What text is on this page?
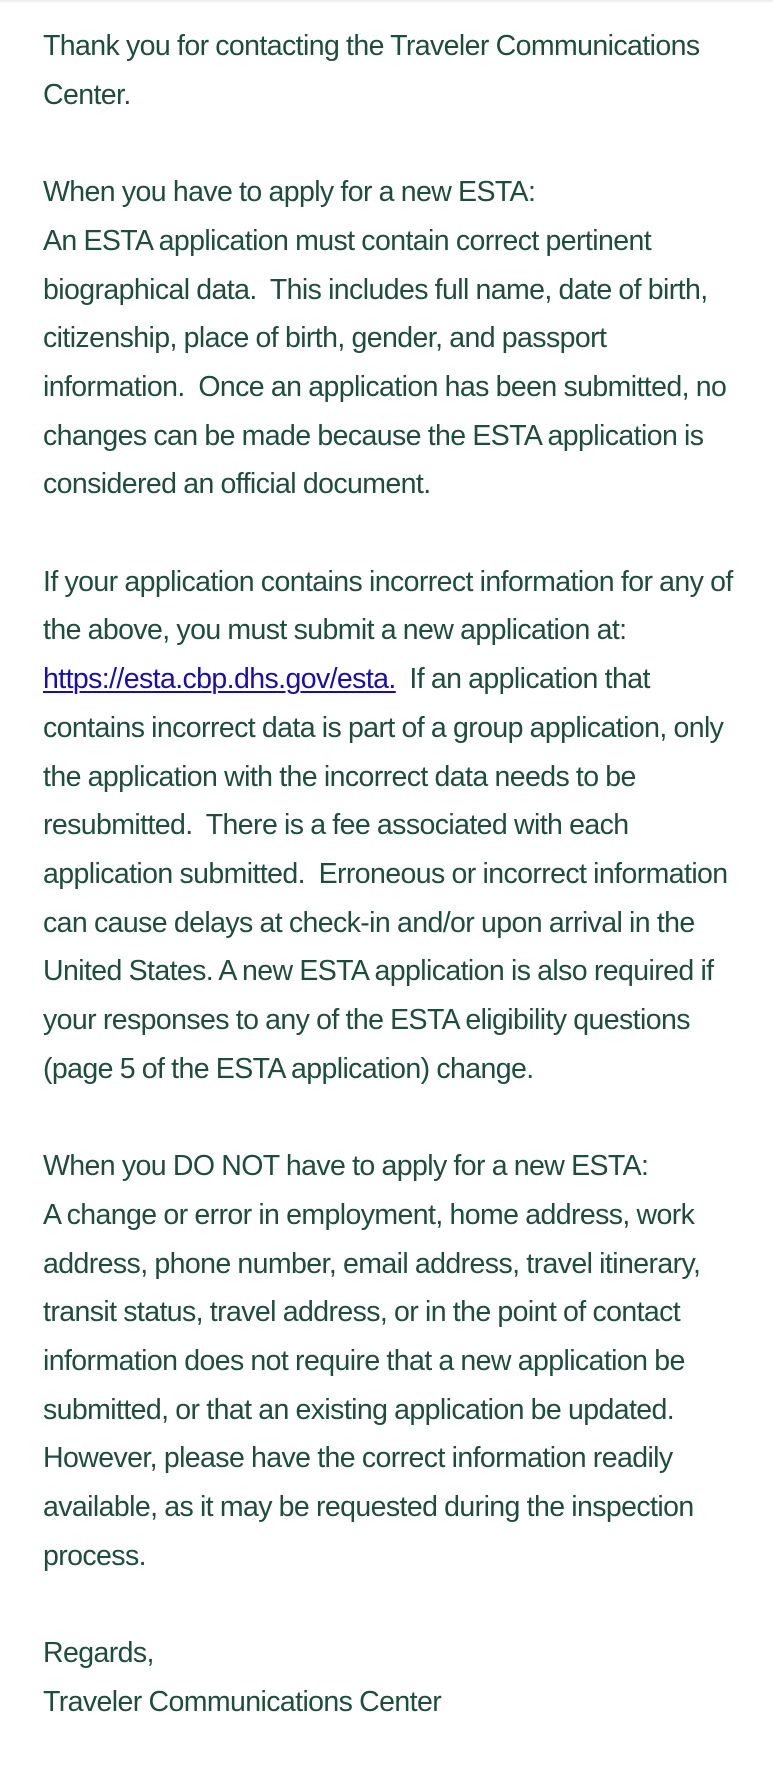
Thank you for contacting the Traveler Communications Center.

When you have to apply for a new ESTA:

An ESTA application must contain correct pertinent biographical data.  This includes full name, date of birth, citizenship, place of birth, gender, and passport information.  Once an application has been submitted, no changes can be made because the ESTA application is considered an official document.

If your application contains incorrect information for any of the above, you must submit a new application at: https://esta.cbp.dhs.gov/esta.  If an application that contains incorrect data is part of a group application, only the application with the incorrect data needs to be resubmitted.  There is a fee associated with each application submitted.  Erroneous or incorrect information can cause delays at check-in and/or upon arrival in the United States. A new ESTA application is also required if your responses to any of the ESTA eligibility questions (page 5 of the ESTA application) change.

When you DO NOT have to apply for a new ESTA:

A change or error in employment, home address, work address, phone number, email address, travel itinerary, transit status, travel address, or in the point of contact information does not require that a new application be submitted, or that an existing application be updated. However, please have the correct information readily available, as it may be requested during the inspection process.

Regards,

Traveler Communications Center
